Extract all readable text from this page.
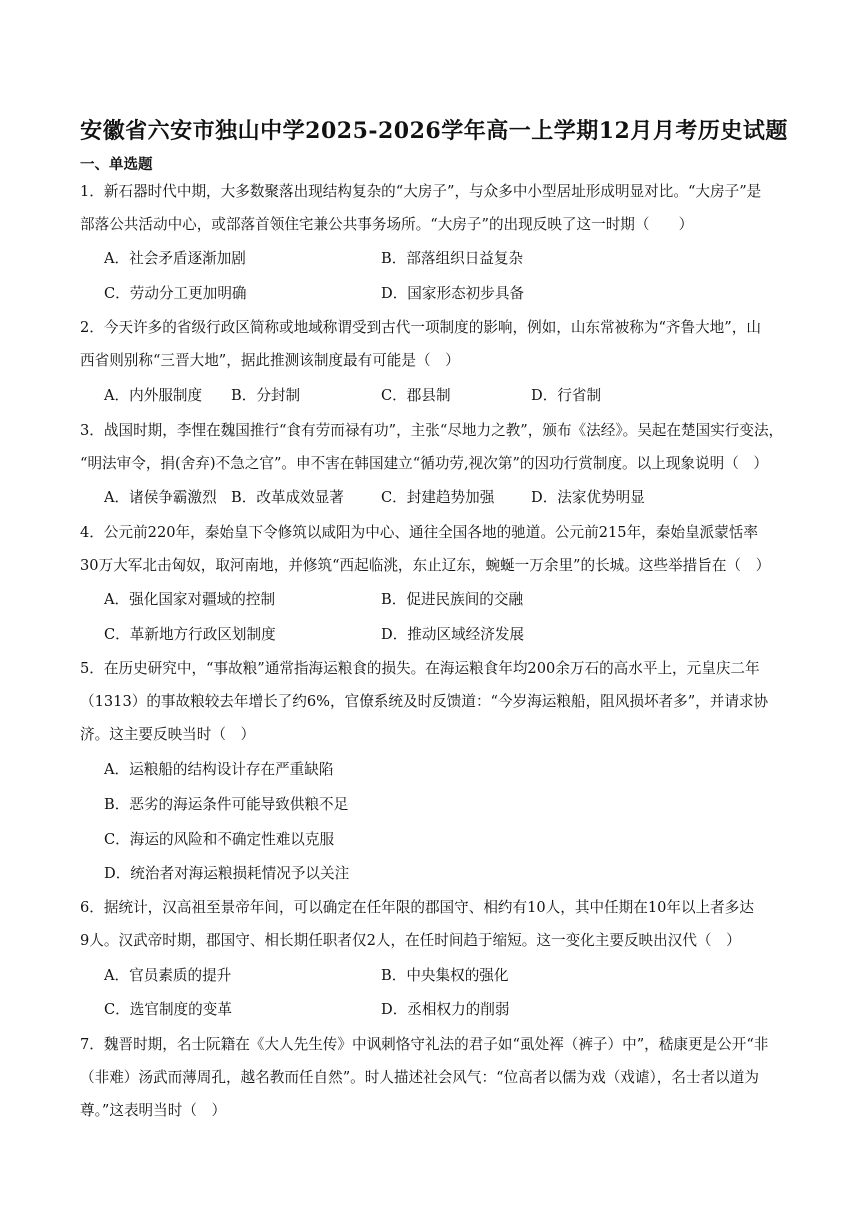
安徽省六安市独山中学2025-2026学年高一上学期12月月考历史试题
一、单选题
1．新石器时代中期，大多数聚落出现结构复杂的“大房子”，与众多中小型居址形成明显对比。“大房子”是
部落公共活动中心，或部落首领住宅兼公共事务场所。“大房子”的出现反映了这一时期（　　）
A．社会矛盾逐渐加剧	B．部落组织日益复杂
C．劳动分工更加明确	D．国家形态初步具备
2．今天许多的省级行政区简称或地域称谓受到古代一项制度的影响，例如，山东常被称为“齐鲁大地”，山
西省则别称“三晋大地”，据此推测该制度最有可能是（　）
A．内外服制度 B．分封制	C．郡县制	D．行省制
3．战国时期，李悝在魏国推行“食有劳而禄有功”，主张“尽地力之教”，颁布《法经》。吴起在楚国实行变法，
“明法审令，捐(舍弃)不急之官”。申不害在韩国建立“循功劳,视次第”的因功行赏制度。以上现象说明（　）
A．诸侯争霸激烈 B．改革成效显著	C．封建趋势加强	D．法家优势明显
4．公元前220年，秦始皇下令修筑以咸阳为中心、通往全国各地的驰道。公元前215年，秦始皇派蒙恬率
30万大军北击匈奴，取河南地，并修筑“西起临洮，东止辽东，蜿蜒一万余里”的长城。这些举措旨在（　）
A．强化国家对疆域的控制	B．促进民族间的交融
C．革新地方行政区划制度	D．推动区域经济发展
5．在历史研究中，“事故粮”通常指海运粮食的损失。在海运粮食年均200余万石的高水平上，元皇庆二年
（1313）的事故粮较去年增长了约6%，官僚系统及时反馈道：“今岁海运粮船，阻风损坏者多”，并请求协
济。这主要反映当时（　）
A．运粮船的结构设计存在严重缺陷
B．恶劣的海运条件可能导致供粮不足
C．海运的风险和不确定性难以克服
D．统治者对海运粮损耗情况予以关注
6．据统计，汉高祖至景帝年间，可以确定在任年限的郡国守、相约有10人，其中任期在10年以上者多达
9人。汉武帝时期，郡国守、相长期任职者仅2人，在任时间趋于缩短。这一变化主要反映出汉代（　）
A．官员素质的提升	B．中央集权的强化
C．选官制度的变革	D．丞相权力的削弱
7．魏晋时期，名士阮籍在《大人先生传》中讽刺恪守礼法的君子如“虱处裈（裤子）中”，嵇康更是公开“非
（非难）汤武而薄周孔，越名教而任自然”。时人描述社会风气：“位高者以儒为戏（戏谑），名士者以道为
尊。”这表明当时（　）
